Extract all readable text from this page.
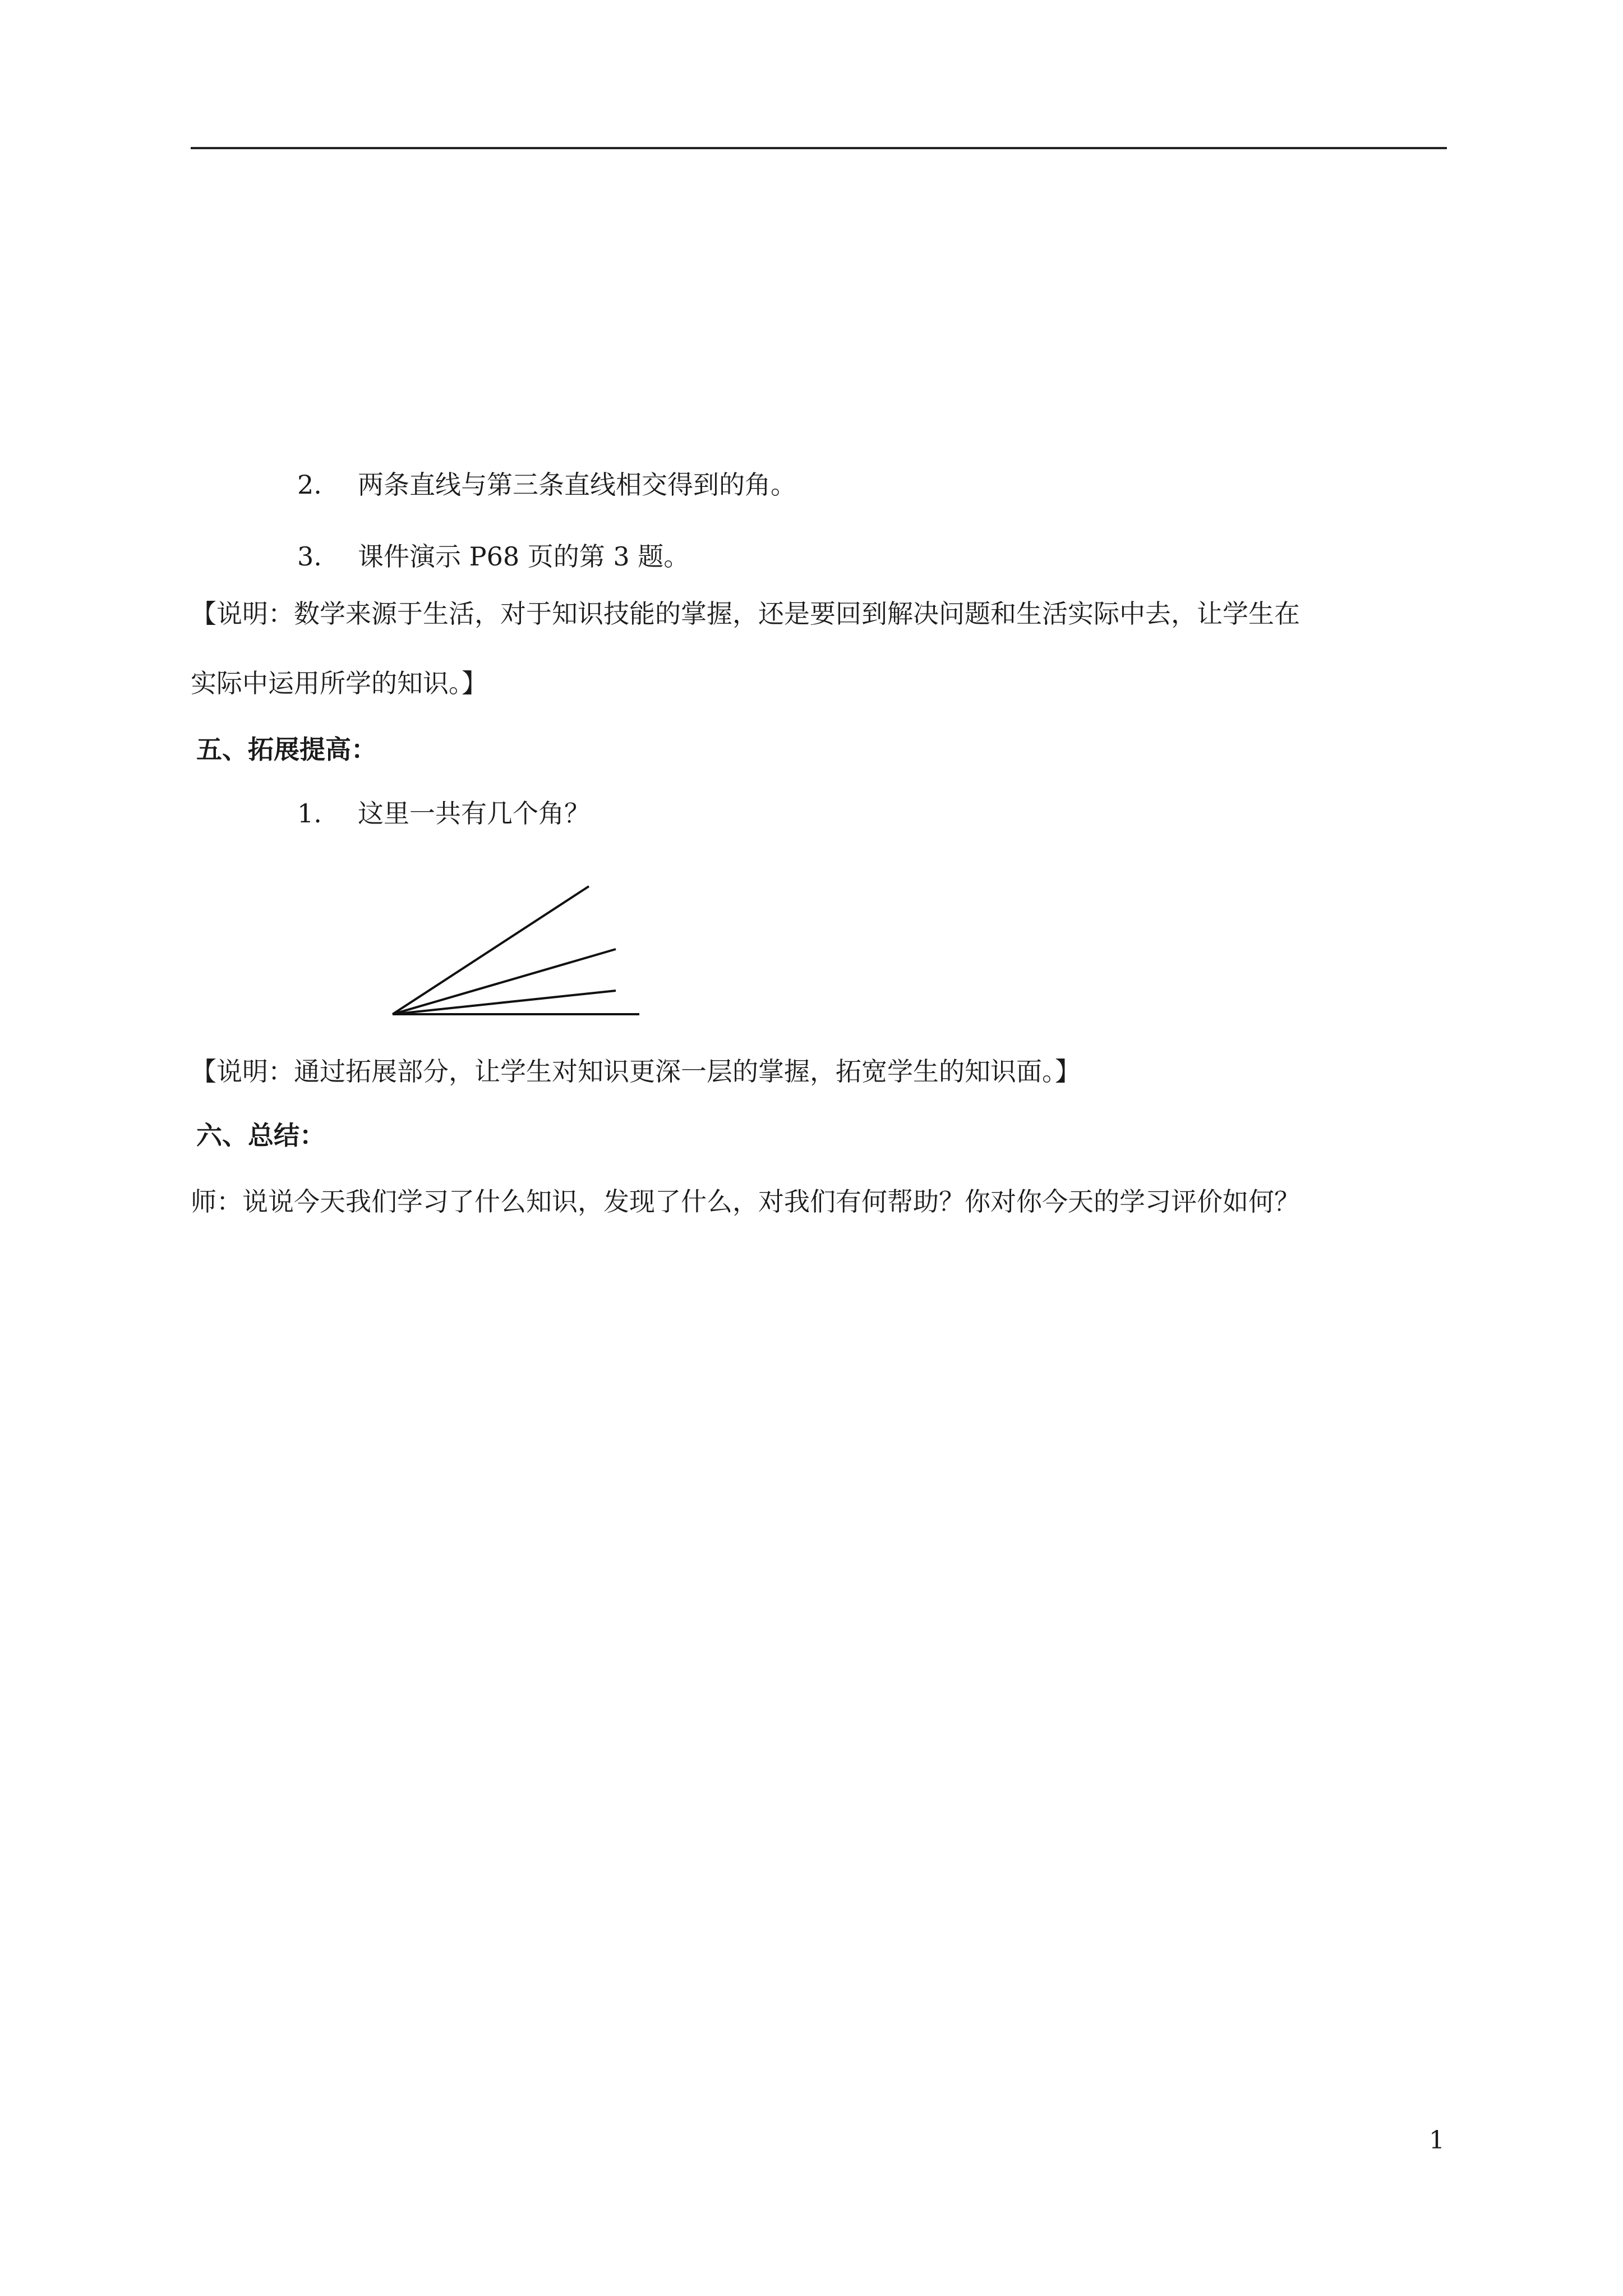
2. 两条直线与第三条直线相交得到的角。
3. 课件演示 P68 页的第 3 题。
【说明：数学来源于生活，对于知识技能的掌握，还是要回到解决问题和生活实际中去，让学生在
实际中运用所学的知识。】
五、拓展提高：
1. 这里一共有几个角？
【说明：通过拓展部分，让学生对知识更深一层的掌握，拓宽学生的知识面。】
六、总结：
师：说说今天我们学习了什么知识，发现了什么，对我们有何帮助？你对你今天的学习评价如何？
1
